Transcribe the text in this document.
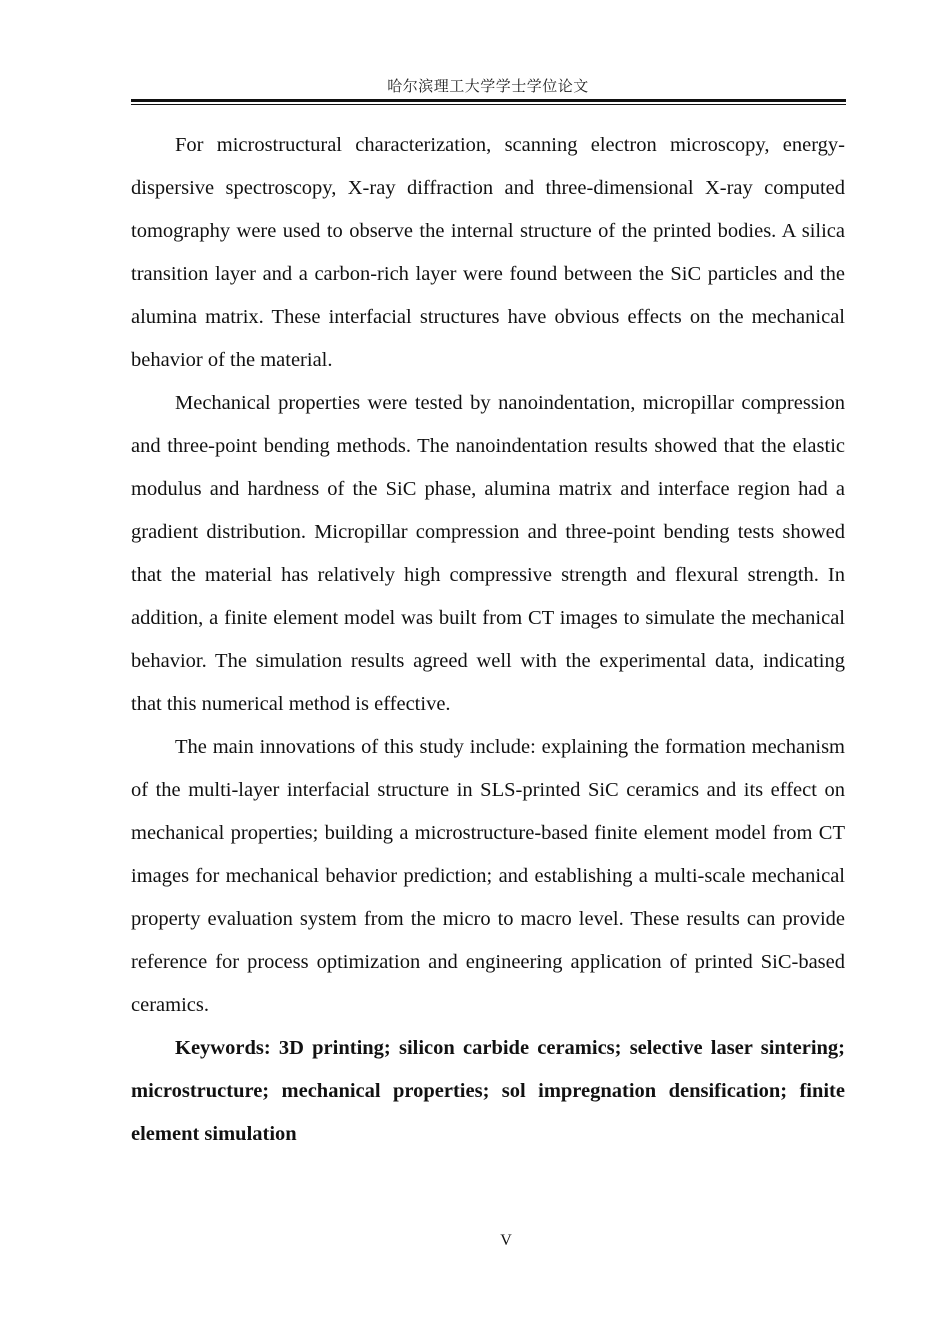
哈尔滨理工大学学士学位论文

For microstructural characterization, scanning electron microscopy, energy-dispersive spectroscopy, X-ray diffraction and three-dimensional X-ray computed tomography were used to observe the internal structure of the printed bodies. A silica transition layer and a carbon-rich layer were found between the SiC particles and the alumina matrix. These interfacial structures have obvious effects on the mechanical behavior of the material.

Mechanical properties were tested by nanoindentation, micropillar compression and three-point bending methods. The nanoindentation results showed that the elastic modulus and hardness of the SiC phase, alumina matrix and interface region had a gradient distribution. Micropillar compression and three-point bending tests showed that the material has relatively high compressive strength and flexural strength. In addition, a finite element model was built from CT images to simulate the mechanical behavior. The simulation results agreed well with the experimental data, indicating that this numerical method is effective.

The main innovations of this study include: explaining the formation mechanism of the multi-layer interfacial structure in SLS-printed SiC ceramics and its effect on mechanical properties; building a microstructure-based finite element model from CT images for mechanical behavior prediction; and establishing a multi-scale mechanical property evaluation system from the micro to macro level. These results can provide reference for process optimization and engineering application of printed SiC-based ceramics.

Keywords: 3D printing; silicon carbide ceramics; selective laser sintering; microstructure; mechanical properties; sol impregnation densification; finite element simulation

V
